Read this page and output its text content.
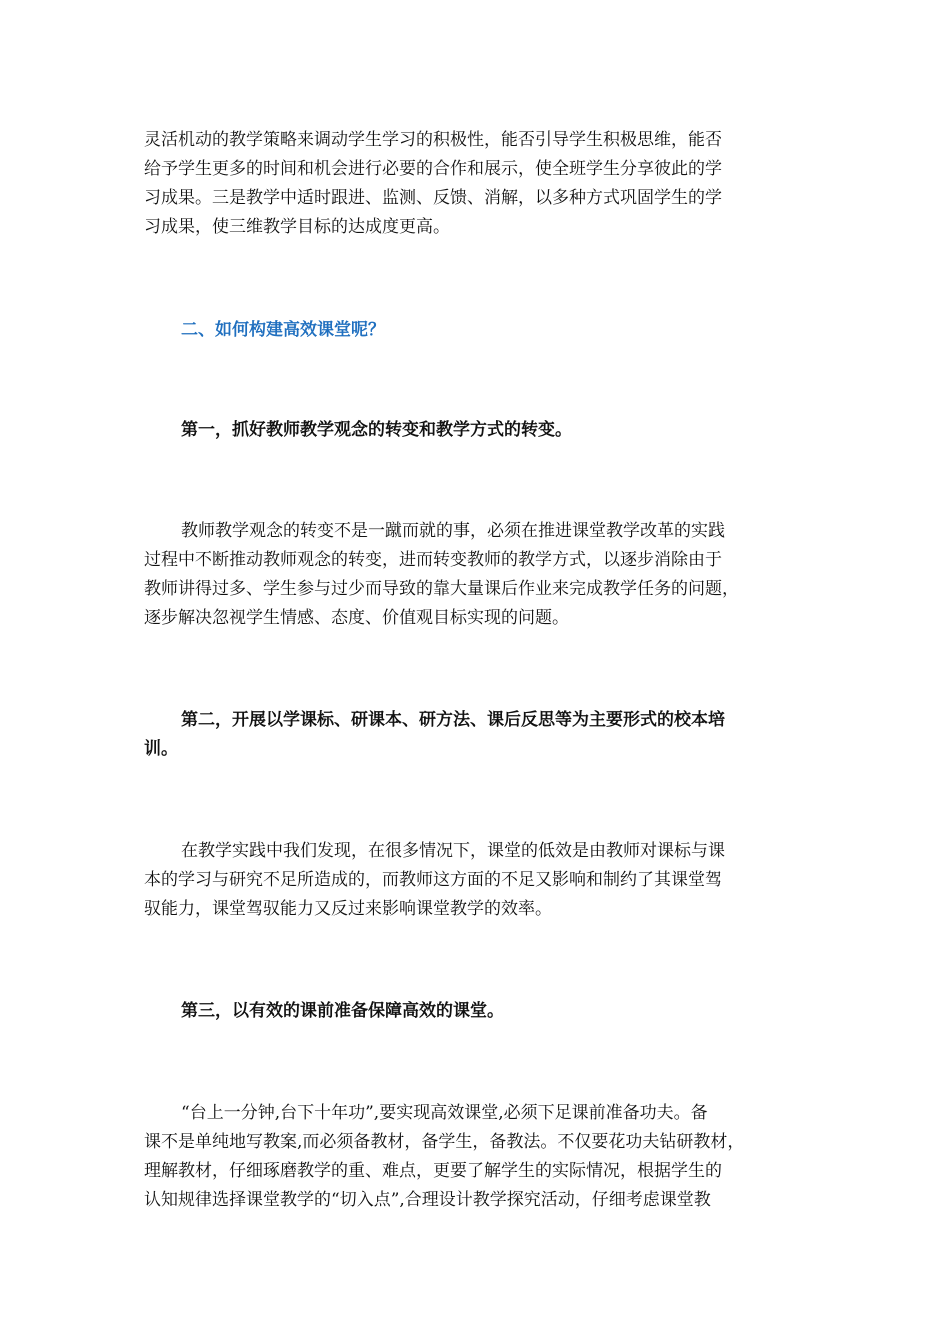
灵活机动的教学策略来调动学生学习的积极性，能否引导学生积极思维，能否
给予学生更多的时间和机会进行必要的合作和展示，使全班学生分享彼此的学
习成果。三是教学中适时跟进、监测、反馈、消解，以多种方式巩固学生的学
习成果，使三维教学目标的达成度更高。
二、如何构建高效课堂呢？
第一，抓好教师教学观念的转变和教学方式的转变。
教师教学观念的转变不是一蹴而就的事，必须在推进课堂教学改革的实践
过程中不断推动教师观念的转变，进而转变教师的教学方式，以逐步消除由于
教师讲得过多、学生参与过少而导致的靠大量课后作业来完成教学任务的问题，
逐步解决忽视学生情感、态度、价值观目标实现的问题。
第二，开展以学课标、研课本、研方法、课后反思等为主要形式的校本培
训。
在教学实践中我们发现，在很多情况下，课堂的低效是由教师对课标与课
本的学习与研究不足所造成的，而教师这方面的不足又影响和制约了其课堂驾
驭能力，课堂驾驭能力又反过来影响课堂教学的效率。
第三，以有效的课前准备保障高效的课堂。
“台上一分钟,台下十年功”,要实现高效课堂,必须下足课前准备功夫。备
课不是单纯地写教案,而必须备教材，备学生，备教法。不仅要花功夫钻研教材，
理解教材，仔细琢磨教学的重、难点，更要了解学生的实际情况，根据学生的
认知规律选择课堂教学的“切入点”,合理设计教学探究活动，仔细考虑课堂教
